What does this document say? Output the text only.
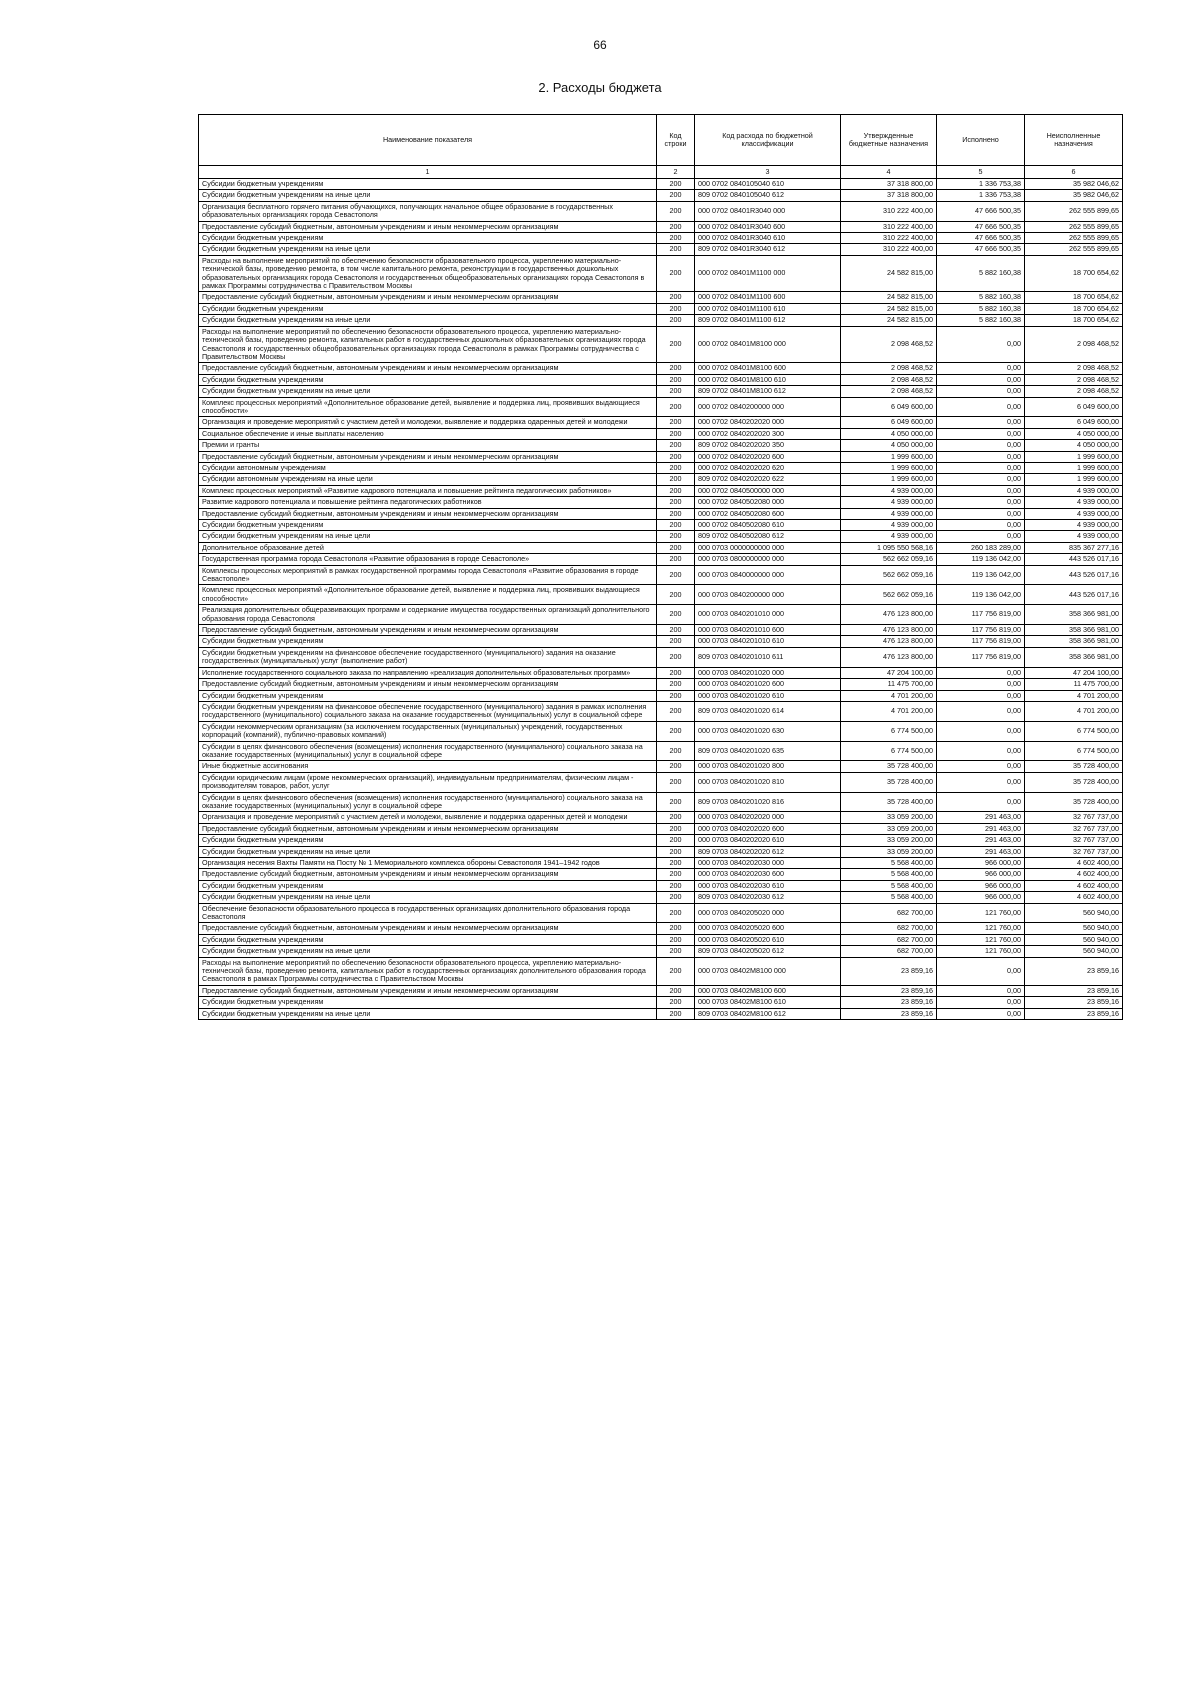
66
2. Расходы бюджета
Наименование показателя	Код строки	Код расхода по бюджетной классификации	Утвержденные бюджетные назначения	Исполнено	Неисполненные назначения
1	2	3	4	5	6
Субсидии бюджетным учреждениям	200	000 0702 0840105040 610	37 318 800,00	1 336 753,38	35 982 046,62
Субсидии бюджетным учреждениям на иные цели	200	809 0702 0840105040 612	37 318 800,00	1 336 753,38	35 982 046,62
Организация бесплатного горячего питания обучающихся, получающих начальное общее образование в государственных образовательных организациях города Севастополя	200	000 0702 08401R3040 000	310 222 400,00	47 666 500,35	262 555 899,65
Предоставление субсидий бюджетным, автономным учреждениям и иным некоммерческим организациям	200	000 0702 08401R3040 600	310 222 400,00	47 666 500,35	262 555 899,65
Субсидии бюджетным учреждениям	200	000 0702 08401R3040 610	310 222 400,00	47 666 500,35	262 555 899,65
Субсидии бюджетным учреждениям на иные цели	200	809 0702 08401R3040 612	310 222 400,00	47 666 500,35	262 555 899,65
Расходы на выполнение мероприятий по обеспечению безопасности образовательного процесса, укреплению материально-технической базы, проведению ремонта, в том числе капитального ремонта, реконструкции в государственных дошкольных образовательных организациях города Севастополя и государственных общеобразовательных организациях города Севастополя в рамках Программы сотрудничества с Правительством Москвы	200	000 0702 08401М1100 000	24 582 815,00	5 882 160,38	18 700 654,62
Предоставление субсидий бюджетным, автономным учреждениям и иным некоммерческим организациям	200	000 0702 08401М1100 600	24 582 815,00	5 882 160,38	18 700 654,62
Субсидии бюджетным учреждениям	200	000 0702 08401М1100 610	24 582 815,00	5 882 160,38	18 700 654,62
Субсидии бюджетным учреждениям на иные цели	200	809 0702 08401М1100 612	24 582 815,00	5 882 160,38	18 700 654,62
Расходы на выполнение мероприятий по обеспечению безопасности образовательного процесса, укреплению материально-технической базы, проведению ремонта, капитальных работ в государственных дошкольных образовательных организациях города Севастополя и государственных общеобразовательных организациях города Севастополя в рамках Программы сотрудничества с Правительством Москвы	200	000 0702 08401М8100 000	2 098 468,52	0,00	2 098 468,52
Предоставление субсидий бюджетным, автономным учреждениям и иным некоммерческим организациям	200	000 0702 08401М8100 600	2 098 468,52	0,00	2 098 468,52
Субсидии бюджетным учреждениям	200	000 0702 08401М8100 610	2 098 468,52	0,00	2 098 468,52
Субсидии бюджетным учреждениям на иные цели	200	809 0702 08401М8100 612	2 098 468,52	0,00	2 098 468,52
Комплекс процессных мероприятий «Дополнительное образование детей, выявление и поддержка лиц, проявивших выдающиеся способности»	200	000 0702 0840200000 000	6 049 600,00	0,00	6 049 600,00
Организация и проведение мероприятий с участием детей и молодежи, выявление и поддержка одаренных детей и молодежи	200	000 0702 0840202020 000	6 049 600,00	0,00	6 049 600,00
Социальное обеспечение и иные выплаты населению	200	000 0702 0840202020 300	4 050 000,00	0,00	4 050 000,00
Премии и гранты	200	809 0702 0840202020 350	4 050 000,00	0,00	4 050 000,00
Предоставление субсидий бюджетным, автономным учреждениям и иным некоммерческим организациям	200	000 0702 0840202020 600	1 999 600,00	0,00	1 999 600,00
Субсидии автономным учреждениям	200	000 0702 0840202020 620	1 999 600,00	0,00	1 999 600,00
Субсидии автономным учреждениям на иные цели	200	809 0702 0840202020 622	1 999 600,00	0,00	1 999 600,00
Комплекс процессных мероприятий «Развитие кадрового потенциала и повышение рейтинга педагогических работников»	200	000 0702 0840500000 000	4 939 000,00	0,00	4 939 000,00
Развитие кадрового потенциала и повышение рейтинга педагогических работников	200	000 0702 0840502080 000	4 939 000,00	0,00	4 939 000,00
Предоставление субсидий бюджетным, автономным учреждениям и иным некоммерческим организациям	200	000 0702 0840502080 600	4 939 000,00	0,00	4 939 000,00
Субсидии бюджетным учреждениям	200	000 0702 0840502080 610	4 939 000,00	0,00	4 939 000,00
Субсидии бюджетным учреждениям на иные цели	200	809 0702 0840502080 612	4 939 000,00	0,00	4 939 000,00
Дополнительное образование детей	200	000 0703 0000000000 000	1 095 550 568,16	260 183 289,00	835 367 277,16
Государственная программа города Севастополя «Развитие образования в городе Севастополе»	200	000 0703 0800000000 000	562 662 059,16	119 136 042,00	443 526 017,16
Комплексы процессных мероприятий в рамках государственной программы города Севастополя «Развитие образования в городе Севастополе»	200	000 0703 0840000000 000	562 662 059,16	119 136 042,00	443 526 017,16
Комплекс процессных мероприятий «Дополнительное образование детей, выявление и поддержка лиц, проявивших выдающиеся способности»	200	000 0703 0840200000 000	562 662 059,16	119 136 042,00	443 526 017,16
Реализация дополнительных общеразвивающих программ и содержание имущества государственных организаций дополнительного образования города Севастополя	200	000 0703 0840201010 000	476 123 800,00	117 756 819,00	358 366 981,00
Предоставление субсидий бюджетным, автономным учреждениям и иным некоммерческим организациям	200	000 0703 0840201010 600	476 123 800,00	117 756 819,00	358 366 981,00
Субсидии бюджетным учреждениям	200	000 0703 0840201010 610	476 123 800,00	117 756 819,00	358 366 981,00
Субсидии бюджетным учреждениям на финансовое обеспечение государственного (муниципального) задания на оказание государственных (муниципальных) услуг (выполнение работ)	200	809 0703 0840201010 611	476 123 800,00	117 756 819,00	358 366 981,00
Исполнение государственного социального заказа по направлению «реализация дополнительных образовательных программ»	200	000 0703 0840201020 000	47 204 100,00	0,00	47 204 100,00
Предоставление субсидий бюджетным, автономным учреждениям и иным некоммерческим организациям	200	000 0703 0840201020 600	11 475 700,00	0,00	11 475 700,00
Субсидии бюджетным учреждениям	200	000 0703 0840201020 610	4 701 200,00	0,00	4 701 200,00
Субсидии бюджетным учреждениям на финансовое обеспечение государственного (муниципального) задания в рамках исполнения государственного (муниципального) социального заказа на оказание государственных (муниципальных) услуг в социальной сфере	200	809 0703 0840201020 614	4 701 200,00	0,00	4 701 200,00
Субсидии некоммерческим организациям (за исключением государственных (муниципальных) учреждений, государственных корпораций (компаний), публично-правовых компаний)	200	000 0703 0840201020 630	6 774 500,00	0,00	6 774 500,00
Субсидии в целях финансового обеспечения (возмещения) исполнения государственного (муниципального) социального заказа на оказание государственных (муниципальных) услуг в социальной сфере	200	809 0703 0840201020 635	6 774 500,00	0,00	6 774 500,00
Иные бюджетные ассигнования	200	000 0703 0840201020 800	35 728 400,00	0,00	35 728 400,00
Субсидии юридическим лицам (кроме некоммерческих организаций), индивидуальным предпринимателям, физическим лицам - производителям товаров, работ, услуг	200	000 0703 0840201020 810	35 728 400,00	0,00	35 728 400,00
Субсидии в целях финансового обеспечения (возмещения) исполнения государственного (муниципального) социального заказа на оказание государственных (муниципальных) услуг в социальной сфере	200	809 0703 0840201020 816	35 728 400,00	0,00	35 728 400,00
Организация и проведение мероприятий с участием детей и молодежи, выявление и поддержка одаренных детей и молодежи	200	000 0703 0840202020 000	33 059 200,00	291 463,00	32 767 737,00
Предоставление субсидий бюджетным, автономным учреждениям и иным некоммерческим организациям	200	000 0703 0840202020 600	33 059 200,00	291 463,00	32 767 737,00
Субсидии бюджетным учреждениям	200	000 0703 0840202020 610	33 059 200,00	291 463,00	32 767 737,00
Субсидии бюджетным учреждениям на иные цели	200	809 0703 0840202020 612	33 059 200,00	291 463,00	32 767 737,00
Организация несения Вахты Памяти на Посту № 1 Мемориального комплекса обороны Севастополя 1941–1942 годов	200	000 0703 0840202030 000	5 568 400,00	966 000,00	4 602 400,00
Предоставление субсидий бюджетным, автономным учреждениям и иным некоммерческим организациям	200	000 0703 0840202030 600	5 568 400,00	966 000,00	4 602 400,00
Субсидии бюджетным учреждениям	200	000 0703 0840202030 610	5 568 400,00	966 000,00	4 602 400,00
Субсидии бюджетным учреждениям на иные цели	200	809 0703 0840202030 612	5 568 400,00	966 000,00	4 602 400,00
Обеспечение безопасности образовательного процесса в государственных организациях дополнительного образования города Севастополя	200	000 0703 0840205020 000	682 700,00	121 760,00	560 940,00
Предоставление субсидий бюджетным, автономным учреждениям и иным некоммерческим организациям	200	000 0703 0840205020 600	682 700,00	121 760,00	560 940,00
Субсидии бюджетным учреждениям	200	000 0703 0840205020 610	682 700,00	121 760,00	560 940,00
Субсидии бюджетным учреждениям на иные цели	200	809 0703 0840205020 612	682 700,00	121 760,00	560 940,00
Расходы на выполнение мероприятий по обеспечению безопасности образовательного процесса, укреплению материально-технической базы, проведению ремонта, капитальных работ в государственных организациях дополнительного образования города Севастополя в рамках Программы сотрудничества с Правительством Москвы	200	000 0703 08402М8100 000	23 859,16	0,00	23 859,16
Предоставление субсидий бюджетным, автономным учреждениям и иным некоммерческим организациям	200	000 0703 08402М8100 600	23 859,16	0,00	23 859,16
Субсидии бюджетным учреждениям	200	000 0703 08402М8100 610	23 859,16	0,00	23 859,16
Субсидии бюджетным учреждениям на иные цели	200	809 0703 08402М8100 612	23 859,16	0,00	23 859,16
